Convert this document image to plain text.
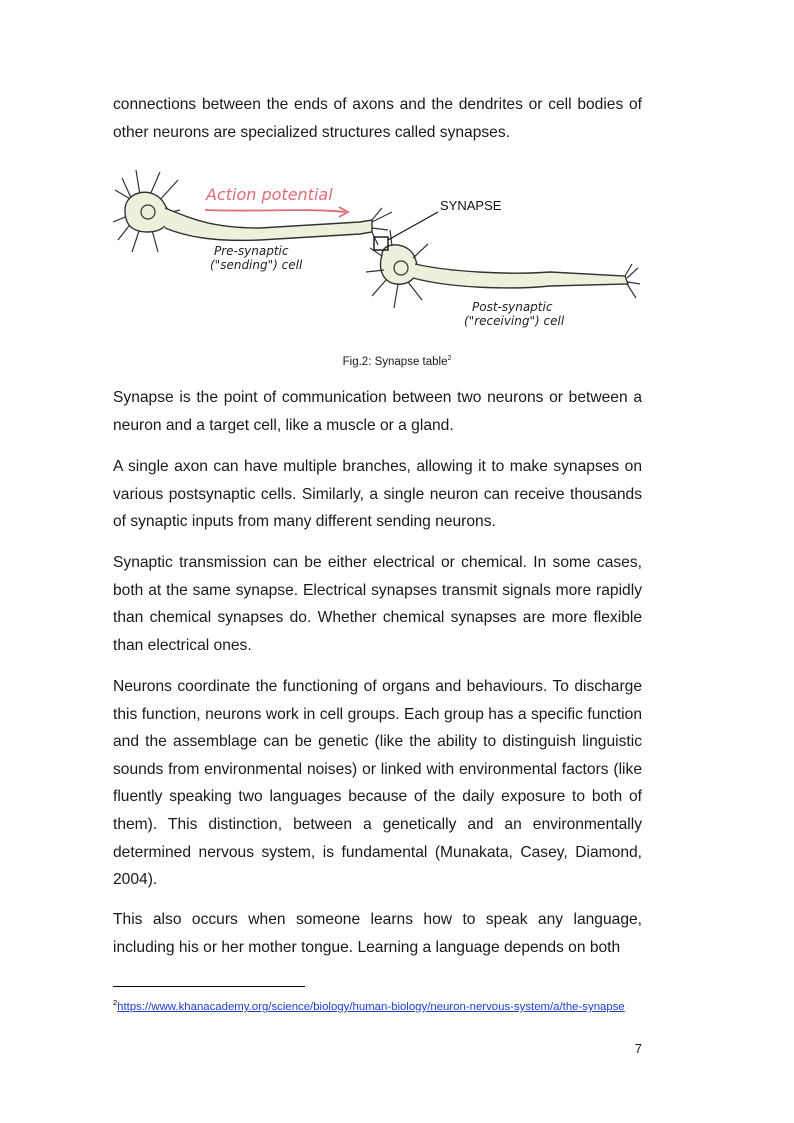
connections between the ends of axons and the dendrites or cell bodies of other neurons are specialized structures called synapses.

Action potential
SYNAPSE
Pre-synaptic
("sending") cell
Post-synaptic
("receiving") cell
Fig.2: Synapse table$^2$

Synapse is the point of communication between two neurons or between a neuron and a target cell, like a muscle or a gland.

A single axon can have multiple branches, allowing it to make synapses on various postsynaptic cells. Similarly, a single neuron can receive thousands of synaptic inputs from many different sending neurons.

Synaptic transmission can be either electrical or chemical. In some cases, both at the same synapse. Electrical synapses transmit signals more rapidly than chemical synapses do. Whether chemical synapses are more flexible than electrical ones.

Neurons coordinate the functioning of organs and behaviours. To discharge this function, neurons work in cell groups. Each group has a specific function and the assemblage can be genetic (like the ability to distinguish linguistic sounds from environmental noises) or linked with environmental factors (like fluently speaking two languages because of the daily exposure to both of them). This distinction, between a genetically and an environmentally determined nervous system, is fundamental (Munakata, Casey, Diamond, 2004).

This also occurs when someone learns how to speak any language, including his or her mother tongue. Learning a language depends on both

$^2$https://www.khanacademy.org/science/biology/human-biology/neuron-nervous-system/a/the-synapse
7
